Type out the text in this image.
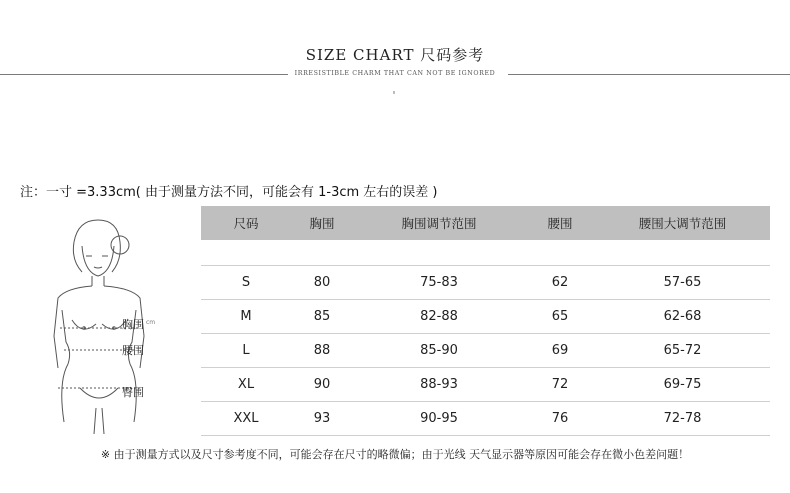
SIZE CHART 尺码参考
IRRESISTIBLE CHARM THAT CAN NOT BE IGNORED
注：一寸 =3.33cm( 由于测量方法不同，可能会有 1-3cm 左右的误差 )
胸围 cm
腰围
臀围
尺码	胸围	胸围调节范围	腰围	腰围大调节范围

S	80	75-83	62	57-65
M	85	82-88	65	62-68
L	88	85-90	69	65-72
XL	90	88-93	72	69-75
XXL	93	90-95	76	72-78
※ 由于测量方式以及尺寸参考度不同，可能会存在尺寸的略微偏；由于光线 天气显示器等原因可能会存在微小色差问题！
